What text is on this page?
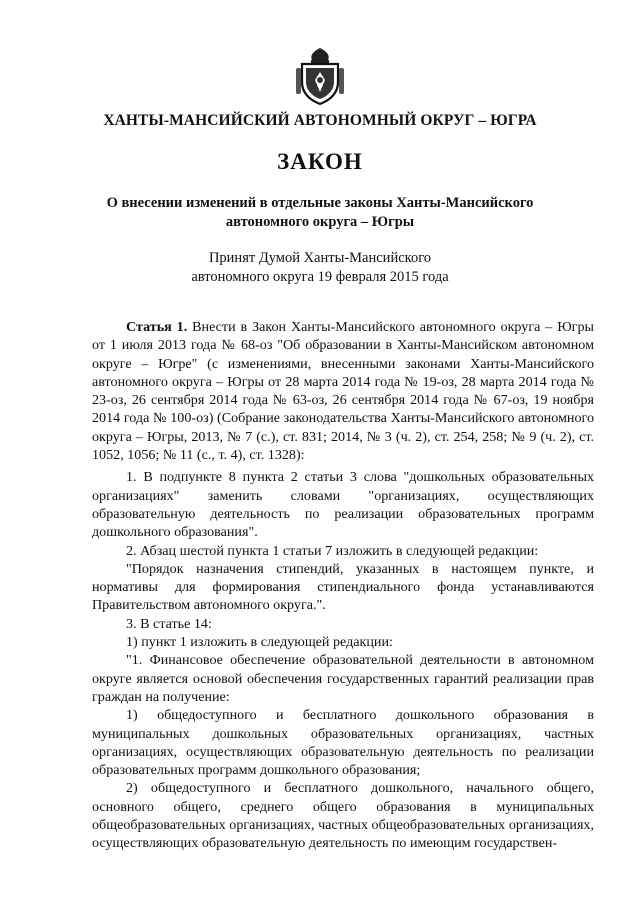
ХАНТЫ-МАНСИЙСКИЙ АВТОНОМНЫЙ ОКРУГ – ЮГРА
ЗАКОН
О внесении изменений в отдельные законы Ханты-Мансийского
автономного округа – Югры
Принят Думой Ханты-Мансийского
автономного округа 19 февраля 2015 года

Статья 1. Внести в Закон Ханты-Мансийского автономного округа – Югры от 1 июля 2013 года № 68-оз "Об образовании в Ханты-Мансийском автономном округе – Югре" (с изменениями, внесенными законами Ханты-Мансийского автономного округа – Югры от 28 марта 2014 года № 19-оз, 28 марта 2014 года № 23-оз, 26 сентября 2014 года № 63-оз, 26 сентября 2014 года № 67-оз, 19 ноября 2014 года № 100-оз) (Собрание законодательства Ханты-Мансийского автономного округа – Югры, 2013, № 7 (с.), ст. 831; 2014, № 3 (ч. 2), ст. 254, 258; № 9 (ч. 2), ст. 1052, 1056; № 11 (с., т. 4), ст. 1328):

1. В подпункте 8 пункта 2 статьи 3 слова "дошкольных образовательных организациях" заменить словами "организациях, осуществляющих образовательную деятельность по реализации образовательных программ дошкольного образования".

2. Абзац шестой пункта 1 статьи 7 изложить в следующей редакции:

"Порядок назначения стипендий, указанных в настоящем пункте, и нормативы для формирования стипендиального фонда устанавливаются Правительством автономного округа.".

3. В статье 14:

1) пункт 1 изложить в следующей редакции:

"1. Финансовое обеспечение образовательной деятельности в автономном округе является основой обеспечения государственных гарантий реализации прав граждан на получение:

1) общедоступного и бесплатного дошкольного образования в муниципальных дошкольных образовательных организациях, частных организациях, осуществляющих образовательную деятельность по реализации образовательных программ дошкольного образования;

2) общедоступного и бесплатного дошкольного, начального общего, основного общего, среднего общего образования в муниципальных общеобразовательных организациях, частных общеобразовательных организациях, осуществляющих образовательную деятельность по имеющим государствен-
